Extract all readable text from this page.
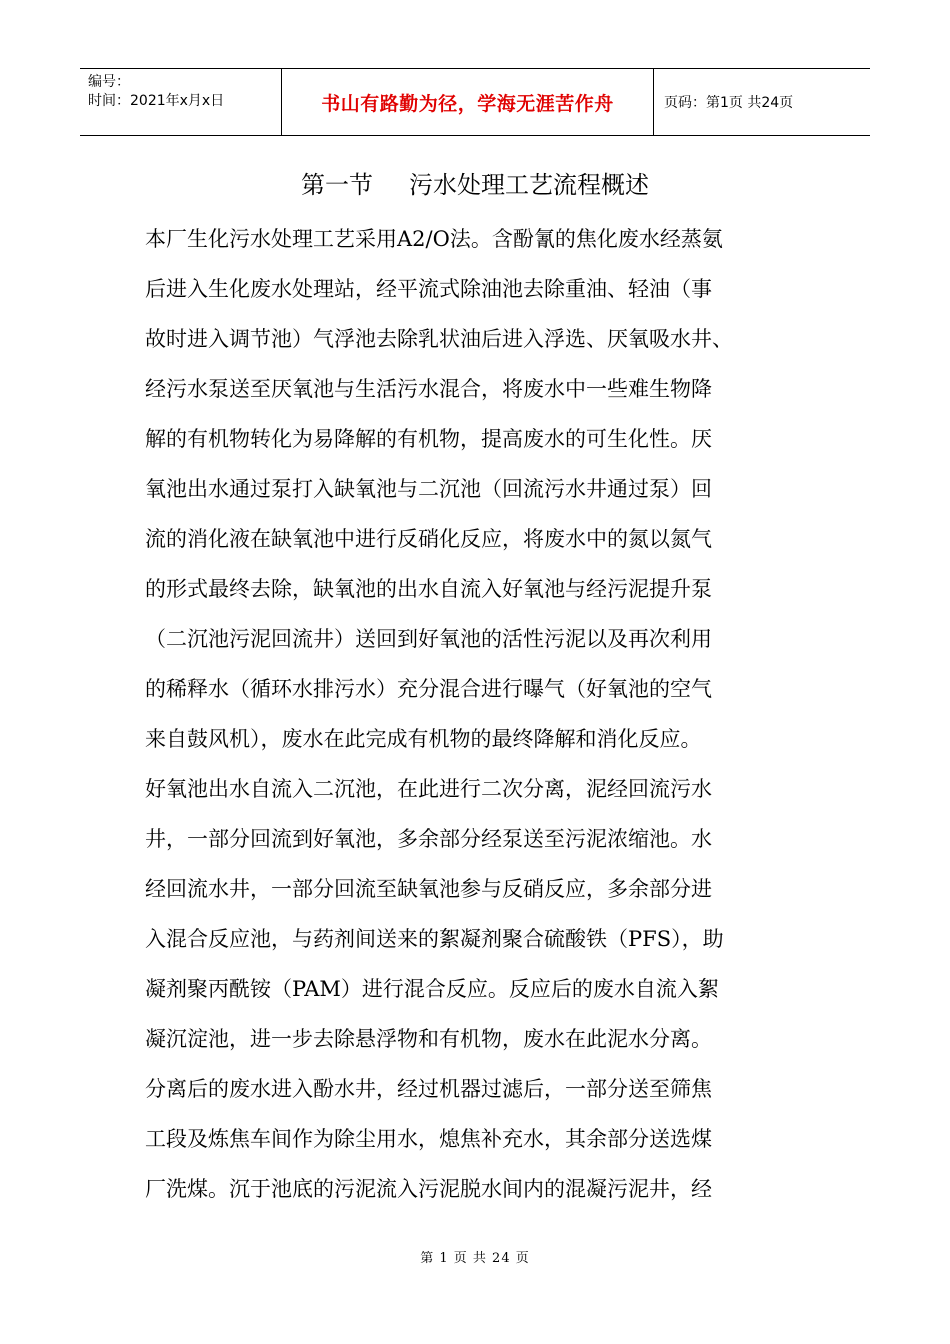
编号：
时间：2021年x月x日	书山有路勤为径，学海无涯苦作舟	页码：第1页 共24页
第一节 污水处理工艺流程概述
本厂生化污水处理工艺采用A2/O法。含酚氰的焦化废水经蒸氨
后进入生化废水处理站，经平流式除油池去除重油、轻油（事
故时进入调节池）气浮池去除乳状油后进入浮选、厌氧吸水井、
经污水泵送至厌氧池与生活污水混合，将废水中一些难生物降
解的有机物转化为易降解的有机物，提高废水的可生化性。厌
氧池出水通过泵打入缺氧池与二沉池（回流污水井通过泵）回
流的消化液在缺氧池中进行反硝化反应，将废水中的氮以氮气
的形式最终去除，缺氧池的出水自流入好氧池与经污泥提升泵
（二沉池污泥回流井）送回到好氧池的活性污泥以及再次利用
的稀释水（循环水排污水）充分混合进行曝气（好氧池的空气
来自鼓风机），废水在此完成有机物的最终降解和消化反应。
好氧池出水自流入二沉池，在此进行二次分离，泥经回流污水
井，一部分回流到好氧池，多余部分经泵送至污泥浓缩池。水
经回流水井，一部分回流至缺氧池参与反硝反应，多余部分进
入混合反应池，与药剂间送来的絮凝剂聚合硫酸铁（PFS），助
凝剂聚丙酰铵（PAM）进行混合反应。反应后的废水自流入絮
凝沉淀池，进一步去除悬浮物和有机物，废水在此泥水分离。
分离后的废水进入酚水井，经过机器过滤后，一部分送至筛焦
工段及炼焦车间作为除尘用水，熄焦补充水，其余部分送选煤
厂洗煤。沉于池底的污泥流入污泥脱水间内的混凝污泥井，经
第 1 页 共 24 页
